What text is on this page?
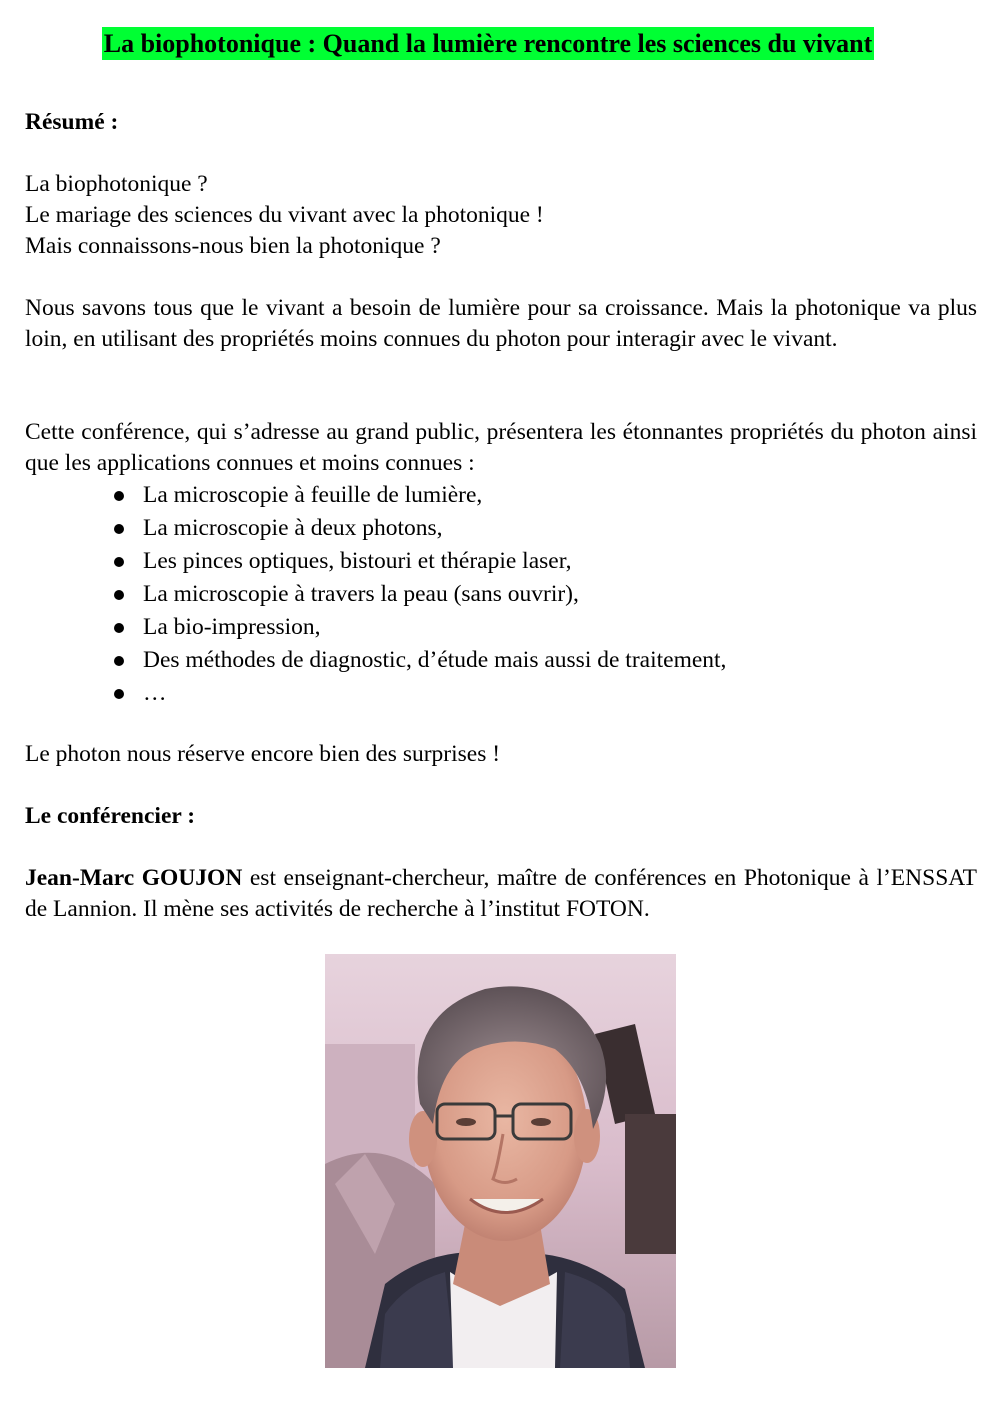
La biophotonique : Quand la lumière rencontre les sciences du vivant
Résumé :
La biophotonique ?
Le mariage des sciences du vivant avec la photonique !
Mais connaissons-nous bien la photonique ?
Nous savons tous que le vivant a besoin de lumière pour sa croissance. Mais la photonique va plus loin, en utilisant des propriétés moins connues du photon pour interagir avec le vivant.
Cette conférence, qui s’adresse au grand public, présentera les étonnantes propriétés du photon ainsi que les applications connues et moins connues :
La microscopie à feuille de lumière,
La microscopie à deux photons,
Les pinces optiques, bistouri et thérapie laser,
La microscopie à travers la peau (sans ouvrir),
La bio-impression,
Des méthodes de diagnostic, d’étude mais aussi de traitement,
…
Le photon nous réserve encore bien des surprises !
Le conférencier :
Jean-Marc GOUJON est enseignant-chercheur, maître de conférences en Photonique à l’ENSSAT de Lannion. Il mène ses activités de recherche à l’institut FOTON.
